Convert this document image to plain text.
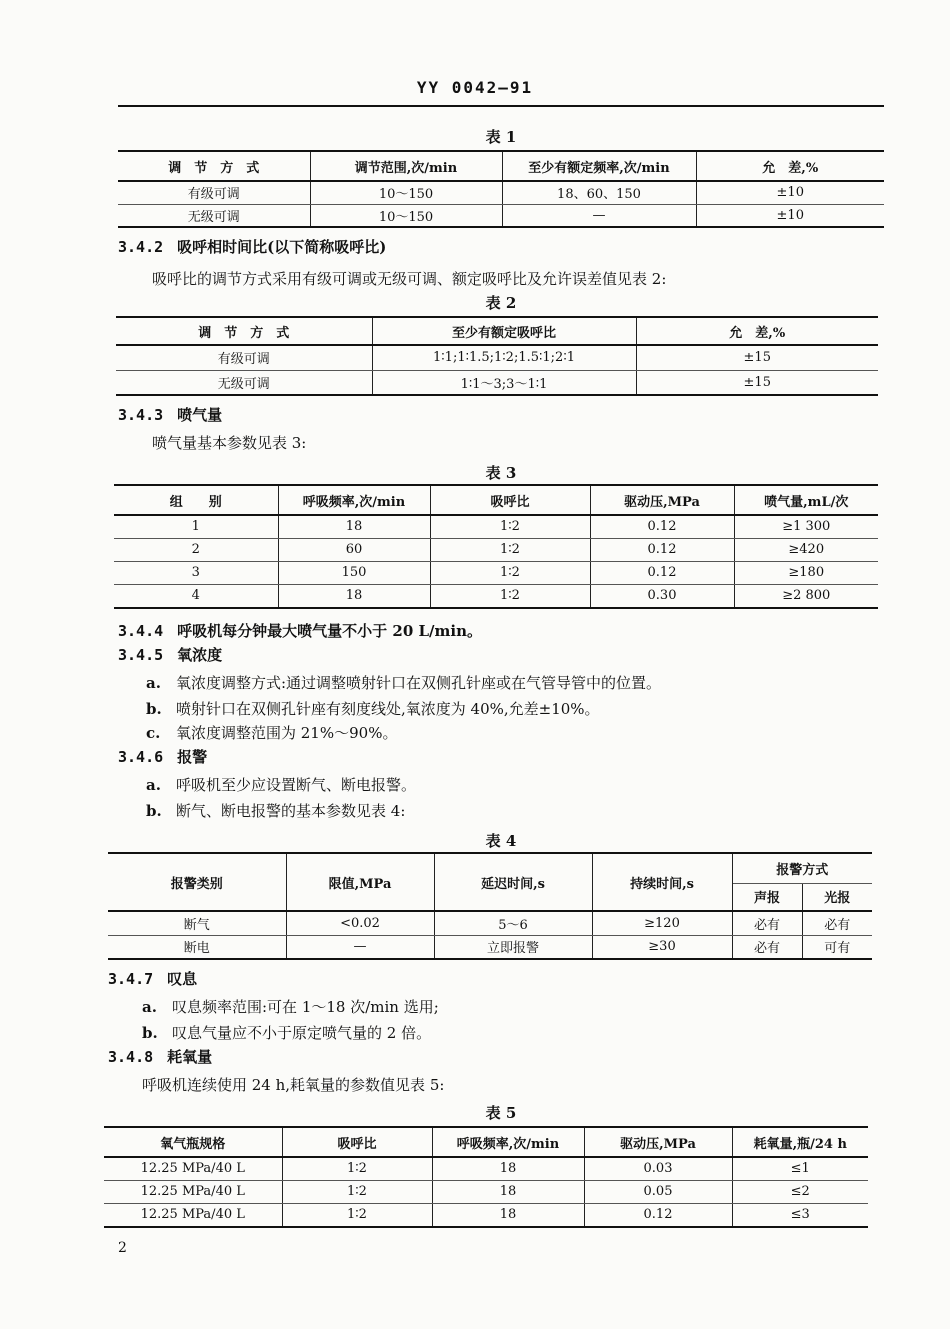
YY 0042—91
表 1
调　节　方　式	调节范围,次/min	至少有额定频率,次/min	允　差,%
有级可调	10～150	18、60、150	±10
无级可调	10～150	—	±10
3.4.2 吸呼相时间比(以下简称吸呼比)
吸呼比的调节方式采用有级可调或无级可调、额定吸呼比及允许误差值见表 2:
表 2
调　节　方　式	至少有额定吸呼比	允　差,%
有级可调	1∶1;1∶1.5;1∶2;1.5∶1;2∶1	±15
无级可调	1∶1～3;3～1∶1	±15
3.4.3 喷气量
喷气量基本参数见表 3:
表 3
组　　别	呼吸频率,次/min	吸呼比	驱动压,MPa	喷气量,mL/次
1	18	1∶2	0.12	≥1 300
2	60	1∶2	0.12	≥420
3	150	1∶2	0.12	≥180
4	18	1∶2	0.30	≥2 800
3.4.4 呼吸机每分钟最大喷气量不小于 20 L/min。
3.4.5 氧浓度
a. 氧浓度调整方式:通过调整喷射针口在双侧孔针座或在气管导管中的位置。
b. 喷射针口在双侧孔针座有刻度线处,氧浓度为 40%,允差±10%。
c. 氧浓度调整范围为 21%～90%。
3.4.6 报警
a. 呼吸机至少应设置断气、断电报警。
b. 断气、断电报警的基本参数见表 4:
表 4
报警类别	限值,MPa	延迟时间,s	持续时间,s	报警方式	
				声报	光报
断气	<0.02	5～6	≥120	必有	必有
断电	—	立即报警	≥30	必有	可有
3.4.7 叹息
a. 叹息频率范围:可在 1～18 次/min 选用;
b. 叹息气量应不小于原定喷气量的 2 倍。
3.4.8 耗氧量
呼吸机连续使用 24 h,耗氧量的参数值见表 5:
表 5
氧气瓶规格	吸呼比	呼吸频率,次/min	驱动压,MPa	耗氧量,瓶/24 h
12.25 MPa/40 L	1∶2	18	0.03	≤1
12.25 MPa/40 L	1∶2	18	0.05	≤2
12.25 MPa/40 L	1∶2	18	0.12	≤3
2
